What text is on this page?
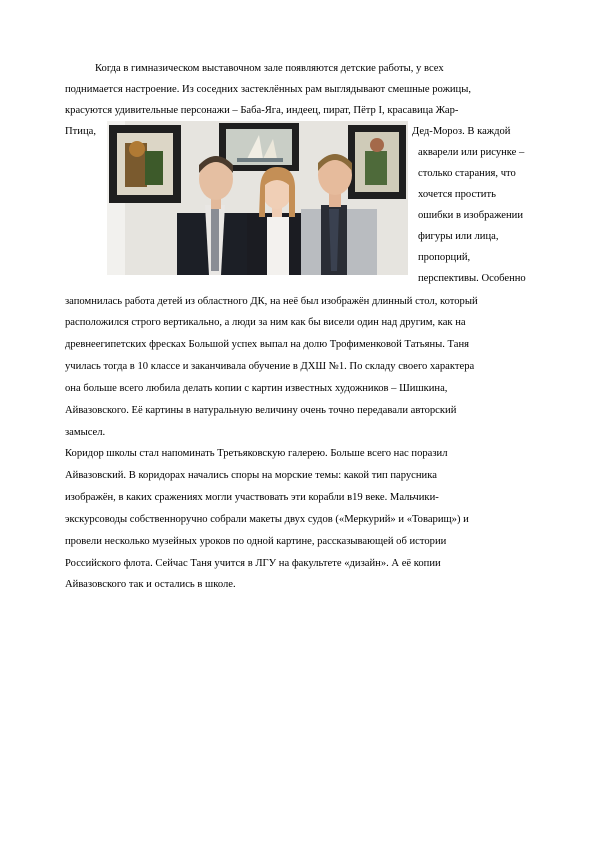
Когда в гимназическом выставочном зале появляются детские работы, у всех
поднимается настроение. Из соседних застеклённых рам выглядывают смешные рожицы,
красуются удивительные персонажи – Баба-Яга, индеец, пират, Пётр I, красавица Жар-
Птица,	Дед-Мороз. В каждой
акварели или рисунке –
столько старания, что
хочется простить
ошибки в изображении
фигуры или лица,
пропорций,
перспективы. Особенно
запомнилась работа детей из областного ДК, на неё был изображён длинный стол, который
расположился строго вертикально, а люди за ним как бы висели один над другим, как на
древнеегипетских фресках Большой успех выпал на долю Трофименковой Татьяны. Таня
училась тогда в 10 классе и заканчивала обучение в ДХШ №1. По складу своего характера
она больше всего любила делать копии с картин известных художников – Шишкина,
Айвазовского. Её картины в натуральную величину очень точно передавали авторский
замысел.
Коридор школы стал напоминать Третьяковскую галерею. Больше всего нас поразил
Айвазовский. В коридорах начались споры на морские темы: какой тип парусника
изображён, в каких сражениях могли участвовать эти корабли в19 веке. Мальчики-
экскурсоводы собственноручно собрали макеты двух судов («Меркурий» и «Товарищ») и
провели несколько музейных уроков по одной картине, рассказывающей об истории
Российского флота. Сейчас Таня учится в ЛГУ на факультете «дизайн». А её копии
Айвазовского так и остались в школе.
